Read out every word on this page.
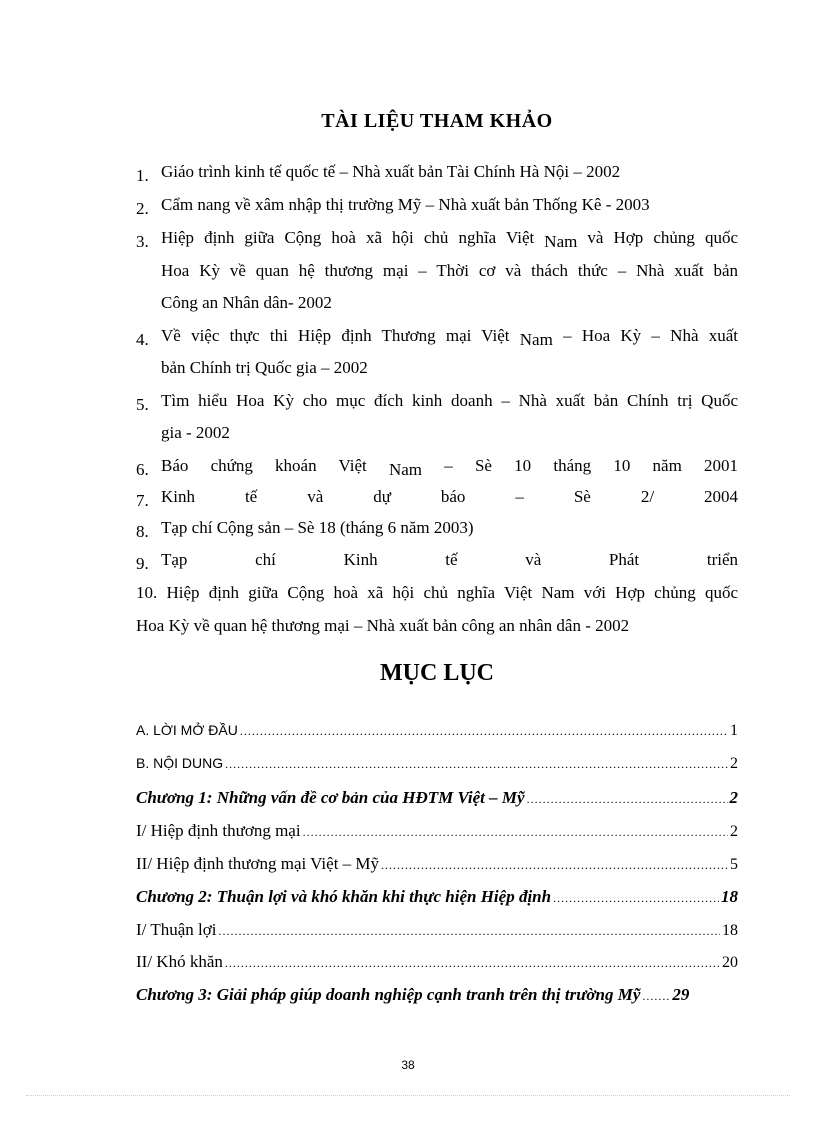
TÀI LIỆU THAM KHẢO
1. Giáo trình kinh tế quốc tế – Nhà xuất bản Tài Chính Hà Nội – 2002
2. Cẩm nang về xâm nhập thị trường Mỹ – Nhà xuất bản Thống Kê - 2003
3. Hiệp định giữa Cộng hoà xã hội chủ nghĩa Việt Nam và Hợp chủng quốc
Hoa Kỳ về quan hệ thương mại – Thời cơ và thách thức – Nhà xuất bản
Công an Nhân dân- 2002
4. Về việc thực thi Hiệp định Thương mại Việt Nam – Hoa Kỳ – Nhà xuất
bản Chính trị Quốc gia – 2002
5. Tìm hiểu Hoa Kỳ cho mục đích kinh doanh – Nhà xuất bản Chính trị Quốc
gia - 2002
6. Báo chứng khoán Việt Nam – Sè 10 tháng 10 năm 2001
7. Kinh tế và dự báo – Sè 2/ 2004
8. Tạp chí Cộng sản – Sè 18 (tháng 6 năm 2003)
9. Tạp chí Kinh tế và Phát triển
10. Hiệp định giữa Cộng hoà xã hội chủ nghĩa Việt Nam với Hợp chủng quốc
Hoa Kỳ về quan hệ thương mại – Nhà xuất bản công an nhân dân - 2002
MỤC LỤC
A. LỜI MỞ ĐẦU .....	1
B. NỘI DUNG .....	2
Chương 1: Những vấn đề cơ bản của HĐTM Việt – Mỹ .....	2
I/ Hiệp định thương mại .....	2
II/ Hiệp định thương mại Việt – Mỹ .....	5
Chương 2: Thuận lợi và khó khăn khi thực hiện Hiệp định .....	18
I/ Thuận lợi .....	18
II/ Khó khăn .....	20
Chương 3: Giải pháp giúp doanh nghiệp cạnh tranh trên thị trường Mỹ ..... 29
38
